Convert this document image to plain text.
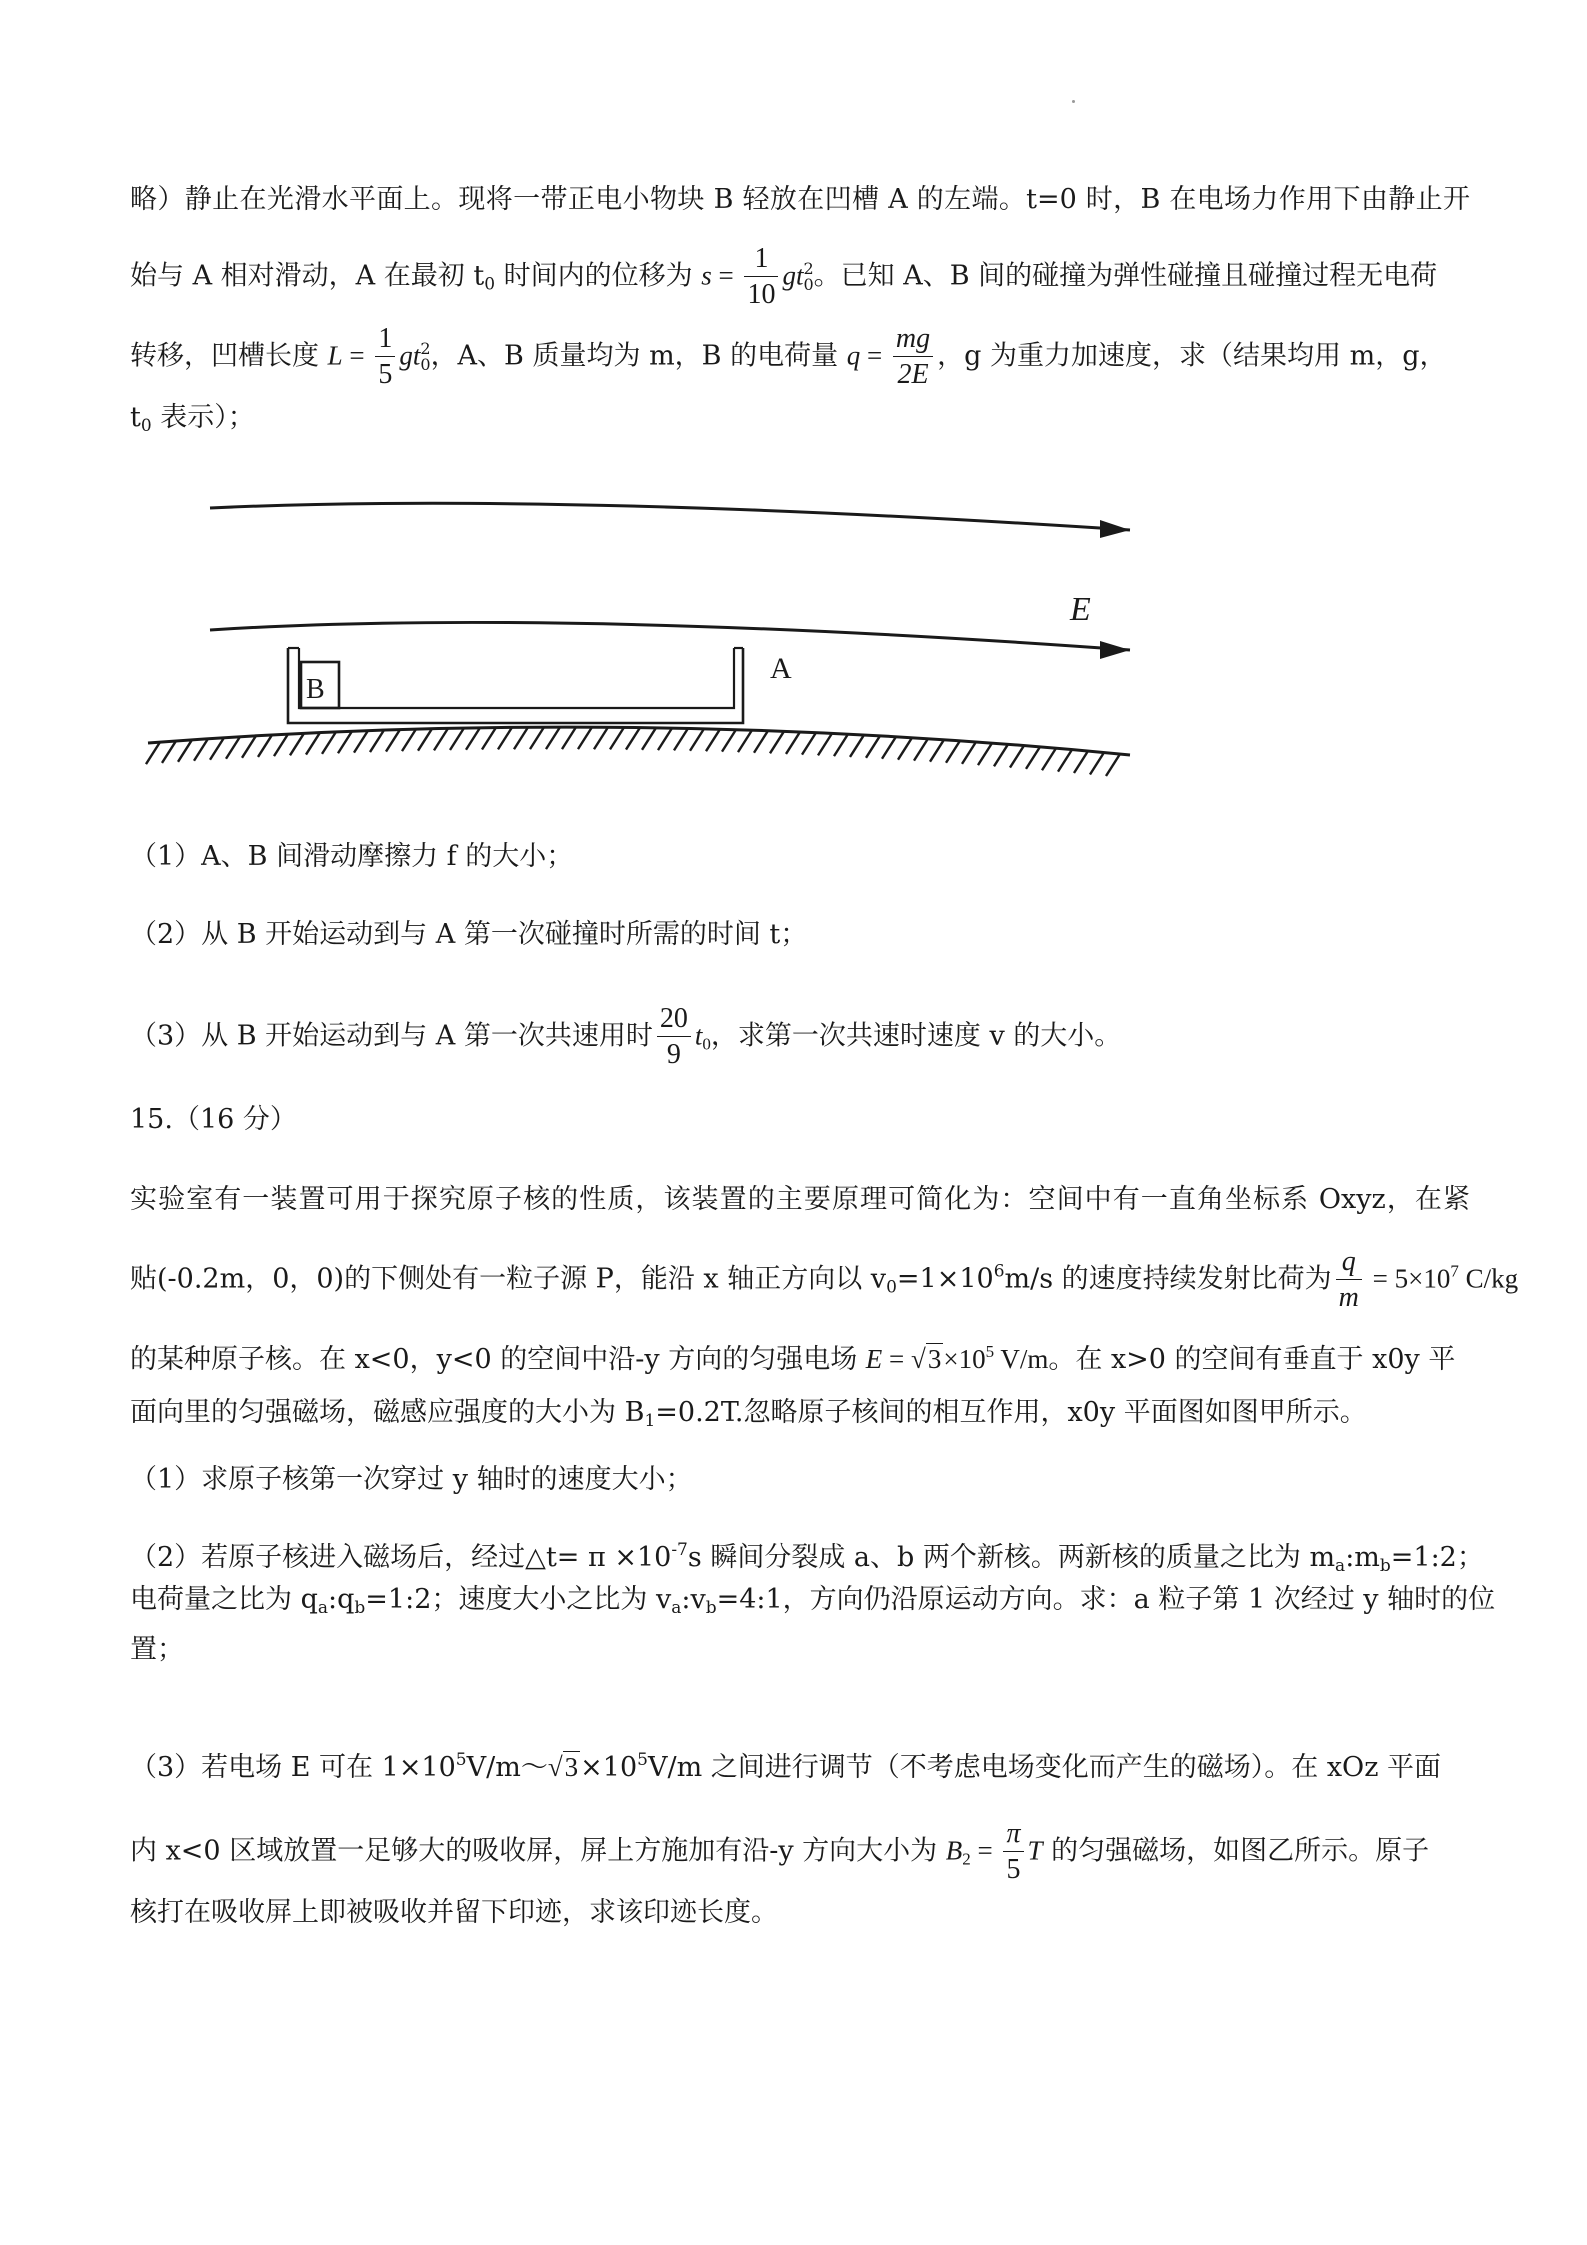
略）静止在光滑水平面上。现将一带正电小物块 B 轻放在凹槽 A 的左端。t=0 时，B 在电场力作用下由静止开
始与 A 相对滑动，A 在最初 $t_0$ 时间内的位移为 $s = \frac{1}{10}$ gt 2
0 。已知 A、B 间的碰撞为弹性碰撞且碰撞过程无电荷
转移，凹槽长度 $L = \frac{1}{5}$ gt 2
0 ，A、B 质量均为 m，B 的电荷量 $q = \frac{mg}{2E}$ ，g 为重力加速度，求（结果均用 m，g，
$t_0$ 表示）；
E
B
A
（1）A、B 间滑动摩擦力 f 的大小；
（2）从 B 开始运动到与 A 第一次碰撞时所需的时间 t；
（3）从 B 开始运动到与 A 第一次共速用时 $\frac{20}{9} t_0$，求第一次共速时速度 v 的大小。
15.（16 分）
实验室有一装置可用于探究原子核的性质，该装置的主要原理可简化为：空间中有一直角坐标系 Oxyz，在紧
贴(-0.2m，0，0)的下侧处有一粒子源 P，能沿 x 轴正方向以 $v_0=1\times 10^6m/s$ 的速度持续发射比荷为 $\frac{q}{m} = 5\times 10^7$ C/kg
的某种原子核。在 x<0，y<0 的空间中沿-y 方向的匀强电场 $E = √3\times 10^5$ V/m。在 x>0 的空间有垂直于 x0y 平
面向里的匀强磁场，磁感应强度的大小为 $B_1=0.2T$.忽略原子核间的相互作用，x0y 平面图如图甲所示。
（1）求原子核第一次穿过 y 轴时的速度大小；
（2）若原子核进入磁场后，经过△t= $\pi \times 10^{-7}s$ 瞬间分裂成 a、b 两个新核。两新核的质量之比为 $m_a:m_b=1:2$；
电荷量之比为 $q_a:q_b=1:2$；速度大小之比为 $v_a:v_b=4:1$，方向仍沿原运动方向。求：a 粒子第 1 次经过 y 轴时的位
置；
（3）若电场 E 可在 $1\times 10^5V/m\sim√3\times 10^5V/m$ 之间进行调节（不考虑电场变化而产生的磁场）。在 xOz 平面
内 x<0 区域放置一足够大的吸收屏，屏上方施加有沿-y 方向大小为 $B_2 = \frac{\pi}{5}$ T 的匀强磁场，如图乙所示。原子
核打在吸收屏上即被吸收并留下印迹，求该印迹长度。
